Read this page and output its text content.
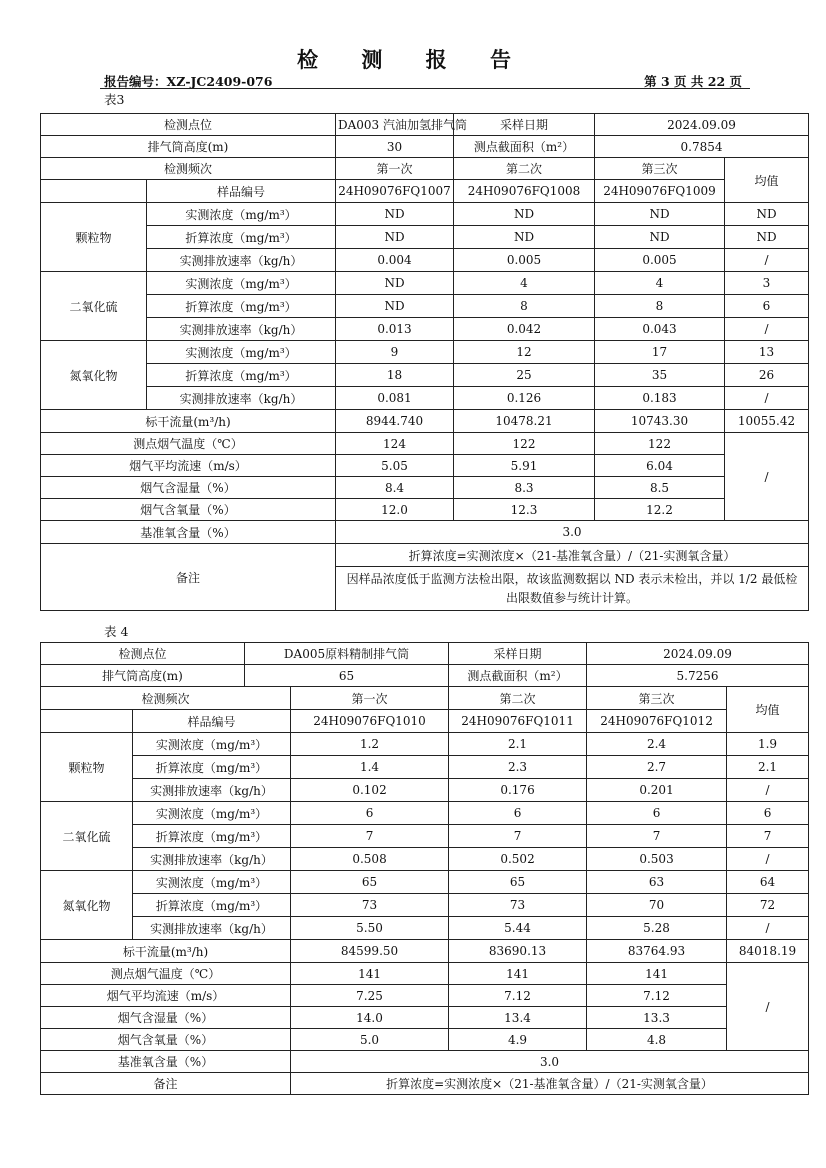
检 测 报 告
报告编号：XZ-JC2409-076	第 3 页 共 22 页
表3
检测点位		DA003 汽油加氢排气筒	采样日期	2024.09.09	
排气筒高度(m)		30	测点截面积（m²）	0.7854	
检测频次		第一次	第二次	第三次	均值
	样品编号	24H09076FQ1007	24H09076FQ1008	24H09076FQ1009	
颗粒物	实测浓度（mg/m³）	ND	ND	ND	ND
	折算浓度（mg/m³）	ND	ND	ND	ND
	实测排放速率（kg/h）	0.004	0.005	0.005	/
二氧化硫	实测浓度（mg/m³）	ND	4	4	3
	折算浓度（mg/m³）	ND	8	8	6
	实测排放速率（kg/h）	0.013	0.042	0.043	/
氮氧化物	实测浓度（mg/m³）	9	12	17	13
	折算浓度（mg/m³）	18	25	35	26
	实测排放速率（kg/h）	0.081	0.126	0.183	/
标干流量(m³/h)		8944.740	10478.21	10743.30	10055.42
测点烟气温度（℃）		124	122	122	/
烟气平均流速（m/s）		5.05	5.91	6.04	
烟气含湿量（%）		8.4	8.3	8.5	
烟气含氧量（%）		12.0	12.3	12.2	
基准氧含量（%）		3.0			
备注		折算浓度=实测浓度×（21-基准氧含量）/（21-实测氧含量）			
		因样品浓度低于监测方法检出限，故该监测数据以 ND 表示未检出，并以 1/2 最低检出限数值参与统计计算。			
表 4
检测点位		DA005原料精制排气筒		采样日期	2024.09.09	
排气筒高度(m)		65		测点截面积（m²）	5.7256	
检测频次			第一次	第二次	第三次	均值
	样品编号		24H09076FQ1010	24H09076FQ1011	24H09076FQ1012	
颗粒物	实测浓度（mg/m³）		1.2	2.1	2.4	1.9
	折算浓度（mg/m³）		1.4	2.3	2.7	2.1
	实测排放速率（kg/h）		0.102	0.176	0.201	/
二氧化硫	实测浓度（mg/m³）		6	6	6	6
	折算浓度（mg/m³）		7	7	7	7
	实测排放速率（kg/h）		0.508	0.502	0.503	/
氮氧化物	实测浓度（mg/m³）		65	65	63	64
	折算浓度（mg/m³）		73	73	70	72
	实测排放速率（kg/h）		5.50	5.44	5.28	/
标干流量(m³/h)			84599.50	83690.13	83764.93	84018.19
测点烟气温度（℃）			141	141	141	/
烟气平均流速（m/s）			7.25	7.12	7.12	
烟气含湿量（%）			14.0	13.4	13.3	
烟气含氧量（%）			5.0	4.9	4.8	
基准氧含量（%）			3.0			
备注			折算浓度=实测浓度×（21-基准氧含量）/（21-实测氧含量）			
